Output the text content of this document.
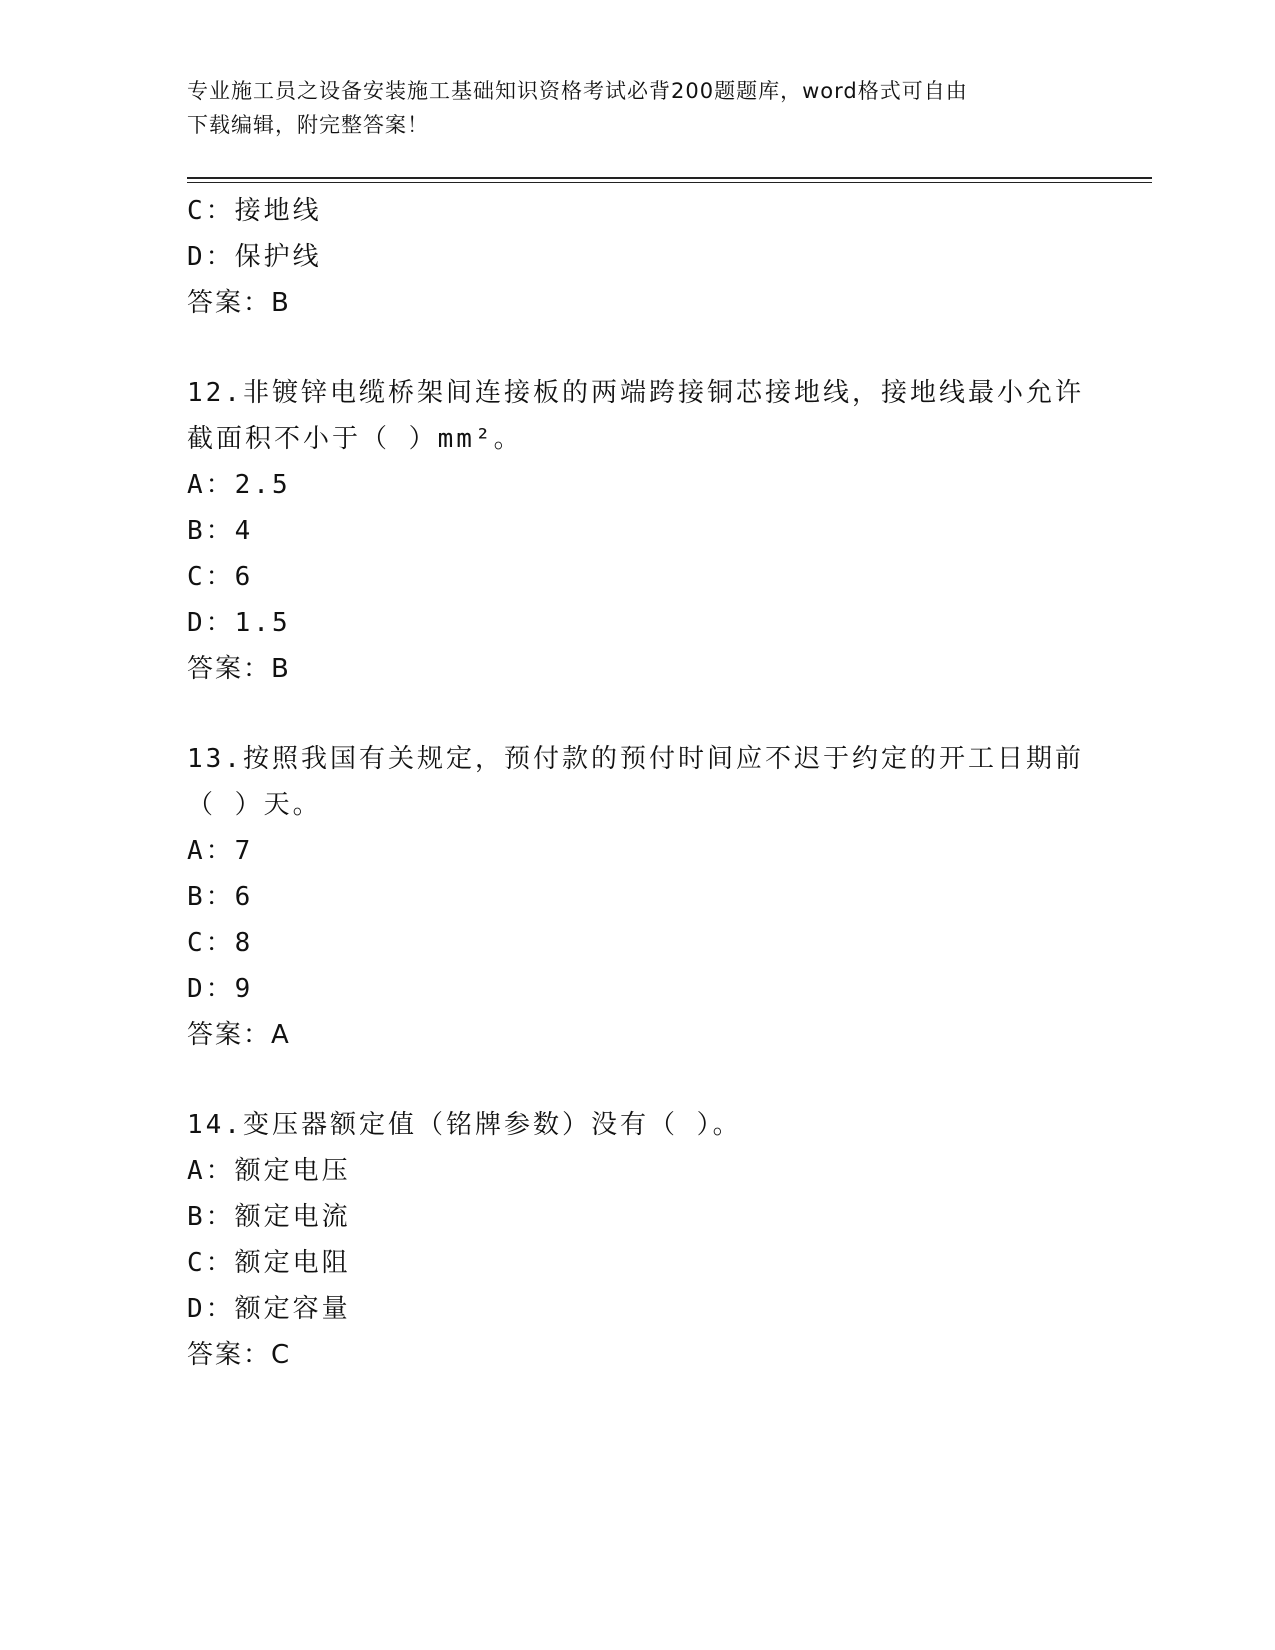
专业施工员之设备安装施工基础知识资格考试必背200题题库，word格式可自由
下载编辑，附完整答案！
C：接地线
D：保护线
答案：B
12.非镀锌电缆桥架间连接板的两端跨接铜芯接地线，接地线最小允许
截面积不小于（ ）mm²。
A：2.5
B：4
C：6
D：1.5
答案：B
13.按照我国有关规定，预付款的预付时间应不迟于约定的开工日期前
（ ）天。
A：7
B：6
C：8
D：9
答案：A
14.变压器额定值（铭牌参数）没有（ ）。
A：额定电压
B：额定电流
C：额定电阻
D：额定容量
答案：C
